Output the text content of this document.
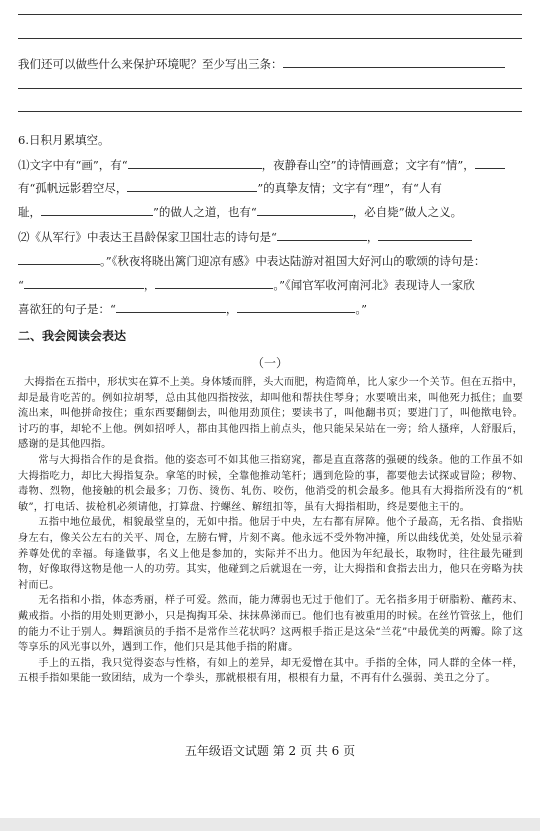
我们还可以做些什么来保护环境呢？至少写出三条：
6.日积月累填空。
⑴文字中有“画”，有“	，夜静春山空”的诗情画意；文字有“情”，
有“孤帆远影碧空尽，	”的真挚友情；文字有“理”，有“人有
耻，	”的做人之道，也有“	，必自毙”做人之义。
⑵《从军行》中表达王昌龄保家卫国壮志的诗句是“	，
。”《秋夜将晓出篱门迎凉有感》中表达陆游对祖国大好河山的歌颂的诗句是：
“	，	。”《闻官军收河南河北》表现诗人一家欣
喜欲狂的句子是：“	，	。”
二、我会阅读会表达
（一）

大拇指在五指中，形状实在算不上美。身体矮而胖，头大而肥，构造简单，比人家少一个关节。但在五指中，却是最肯吃苦的。例如拉胡琴，总由其他四指按弦，却叫他和帮扶住琴身；水要喷出来，叫他死力抵住；血要流出来，叫他拼命按住；重东西要翻倒去，叫他用劲顶住；要读书了，叫他翻书页；要进门了，叫他揿电铃。讨巧的事，却轮不上他。例如招呼人，都由其他四指上前点头，他只能呆呆站在一旁；给人搔痒，人舒服后，感谢的是其他四指。

常与大拇指合作的是食指。他的姿态可不如其他三指窈窕，都是直直落落的强硬的线条。他的工作虽不如大拇指吃力，却比大拇指复杂。拿笔的时候，全靠他推动笔杆；遇到危险的事，都要他去试探或冒险；秽物、毒物、烈物，他接触的机会最多；刀伤、烫伤、轧伤、咬伤，他消受的机会最多。他具有大拇指所没有的“机敏”，打电话、拔枪机必须请他，打算盘、拧螺丝、解纽扣等，虽有大拇指相助，终是要他主干的。

五指中地位最优，相貌最堂皇的，无如中指。他居于中央，左右都有屏障。他个子最高，无名指、食指贴身左右，像关公左右的关平、周仓，左膀右臂，片刻不离。他永远不受外物冲撞，所以曲线优美，处处显示着养尊处优的幸福。每逢做事，名义上他是参加的，实际并不出力。他因为年纪最长，取物时，往往最先碰到物，好像取得这物是他一人的功劳。其实，他碰到之后就退在一旁，让大拇指和食指去出力，他只在旁略为扶衬而已。

无名指和小指，体态秀丽，样子可爱。然而，能力薄弱也无过于他们了。无名指多用于研脂粉、蘸药末、戴戒指。小指的用处则更渺小，只是掏掏耳朵、抹抹鼻涕而已。他们也有被重用的时候。在丝竹管弦上，他们的能力不让于别人。舞蹈演员的手指不是常作兰花状吗？这两根手指正是这朵“兰花”中最优美的两瓣。除了这等享乐的风光事以外，遇到工作，他们只是其他手指的附庸。

手上的五指，我只觉得姿态与性格，有如上的差异，却无爱憎在其中。手指的全体，同人群的全体一样，五根手指如果能一致团结，成为一个拳头，那就根根有用，根根有力量，不再有什么强弱、美丑之分了。

五年级语文试题 第 2 页 共 6 页
